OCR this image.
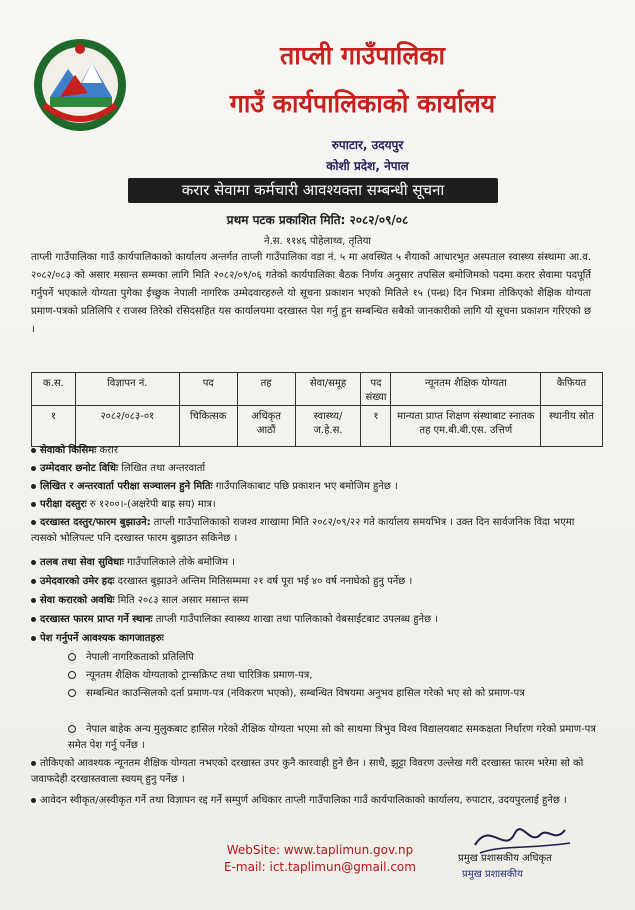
ताप्ली गाउँपालिका
गाउँ कार्यपालिकाको कार्यालय
रुपाटार, उदयपुर
कोशी प्रदेश, नेपाल
करार सेवामा कर्मचारी आवश्यक्ता सम्बन्धी सूचना
प्रथम पटक प्रकाशित मिति: २०८२/०९/०८
ने.स. ११४६ पोहेलाथ्व, तृतिया
ताप्ली गाउँपालिका गाउँ कार्यपालिकाको कार्यालय अन्तर्गत ताप्ली गाउँपालिका वडा नं. ५ मा अवस्थित ५ शैयाको आधारभुत अस्पताल स्वास्थ्य संस्थामा आ.व. २०८२/०८३ को असार मसान्त सम्मका लागि मिति २०८२/०९/०६ गतेको कार्यपालिका बैठक निर्णय अनुसार तपसिल बमोजिमको पदमा करार सेवामा पदपूर्ति गर्नुपर्ने भएकाले योग्यता पुगेका ईच्छुक नेपाली नागरिक उम्मेदवारहरुले यो सूचना प्रकाशन भएको मितिले १५ (पन्ध्र) दिन भित्रमा तोकिएको शैक्षिक योग्यता प्रमाण-पत्रको प्रतिलिपि र राजस्व तिरेको रसिदसहित यस कार्यालयमा दरखास्त पेश गर्नु हुन सम्बन्धित सबैको जानकारीको लागि यो सूचना प्रकाशन गरिएको छ ।
क.स.	विज्ञापन नं.	पद	तह	सेवा/समूह	पद संख्या	न्यूनतम शैक्षिक योग्यता	कैफियत
१	२०८२/०८३-०१	चिकित्सक	अधिकृत आठौं	स्वास्थ्य/ ज.हे.स.	१	मान्यता प्राप्त शिक्षण संस्थाबाट स्नातक तह एम.बी.बी.एस. उत्तिर्ण	स्थानीय स्रोत
सेवाको किसिमः करार
उम्मेदवार छनोट विधिः लिखित तथा अन्तरवार्ता
लिखित र अन्तरवार्ता परीक्षा सञ्चालन हुने मितिः गाउँपालिकाबाट पछि प्रकाशन भए बमोजिम हुनेछ ।
परीक्षा दस्तुरः रु १२००।-(अक्षरेपी बाह्र सय) मात्र।
दरखास्त दस्तुर/फारम बुझाउने: ताप्ली गाउँपालिकाको राजश्व शाखामा मिति २०८२/०९/२२ गते कार्यालय समयभित्र । उक्त दिन सार्वजनिक विदा भएमा त्यसको भोलिपल्ट पनि दरखास्त फारम बुझाउन सकिनेछ ।
तलब तथा सेवा सुविधाः गाउँपालिकाले तोके बमोजिम ।
उमेदवारको उमेर हदः दरखास्त बुझाउने अन्तिम मितिसम्ममा २१ वर्ष पूरा भई ४० वर्ष ननाघेको हुनु पर्नेछ ।
सेवा करारको अवधिः मिति २०८३ साल असार मसान्त सम्म
दरखास्त फारम प्राप्त गर्ने स्थानः ताप्ली गाउँपालिका स्वास्थ्य शाखा तथा पालिकाको वेबसाईटबाट उपलब्ध हुनेछ ।
पेश गर्नुपर्ने आवश्यक कागजातहरुः
नेपाली नागरिकताको प्रतिलिपि
न्यूनतम शैक्षिक योग्यताको ट्रान्सक्रिप्ट तथा चारित्रिक प्रमाण-पत्र,
सम्बन्धित काउन्सिलको दर्ता प्रमाण-पत्र (नविकरण भएको), सम्बन्धित विषयमा अनुभव हासिल गरेको भए सो को प्रमाण-पत्र
नेपाल बाहेक अन्य मुलुकबाट हासिल गरेको शैक्षिक योग्यता भएमा सो को साथमा त्रिभुव विश्व विद्यालयबाट समकक्षता निर्धारण गरेको प्रमाण-पत्र समेत पेश गर्नु पर्नेछ ।
तोकिएको आवश्यक न्यूनतम शैक्षिक योग्यता नभएको दरखास्त उपर कुनै कारवाही हुने छैन । साथै, झुट्टा विवरण उल्लेख गरी दरखास्त फारम भरेमा सो को जवाफदेही दरखास्तवाला स्वयम् हुनु पर्नेछ ।
आवेदन स्वीकृत/अस्वीकृत गर्ने तथा विज्ञापन रद्द गर्ने सम्पुर्ण अधिकार ताप्ली गाउँपालिका गाउँ कार्यपालिकाको कार्यालय, रुपाटार, उदयपुरलाई हुनेछ ।
WebSite: www.taplimun.gov.np
E-mail: ict.taplimun@gmail.com
प्रमुख प्रशासकीय अधिकृत
प्रमुख प्रशासकीय
